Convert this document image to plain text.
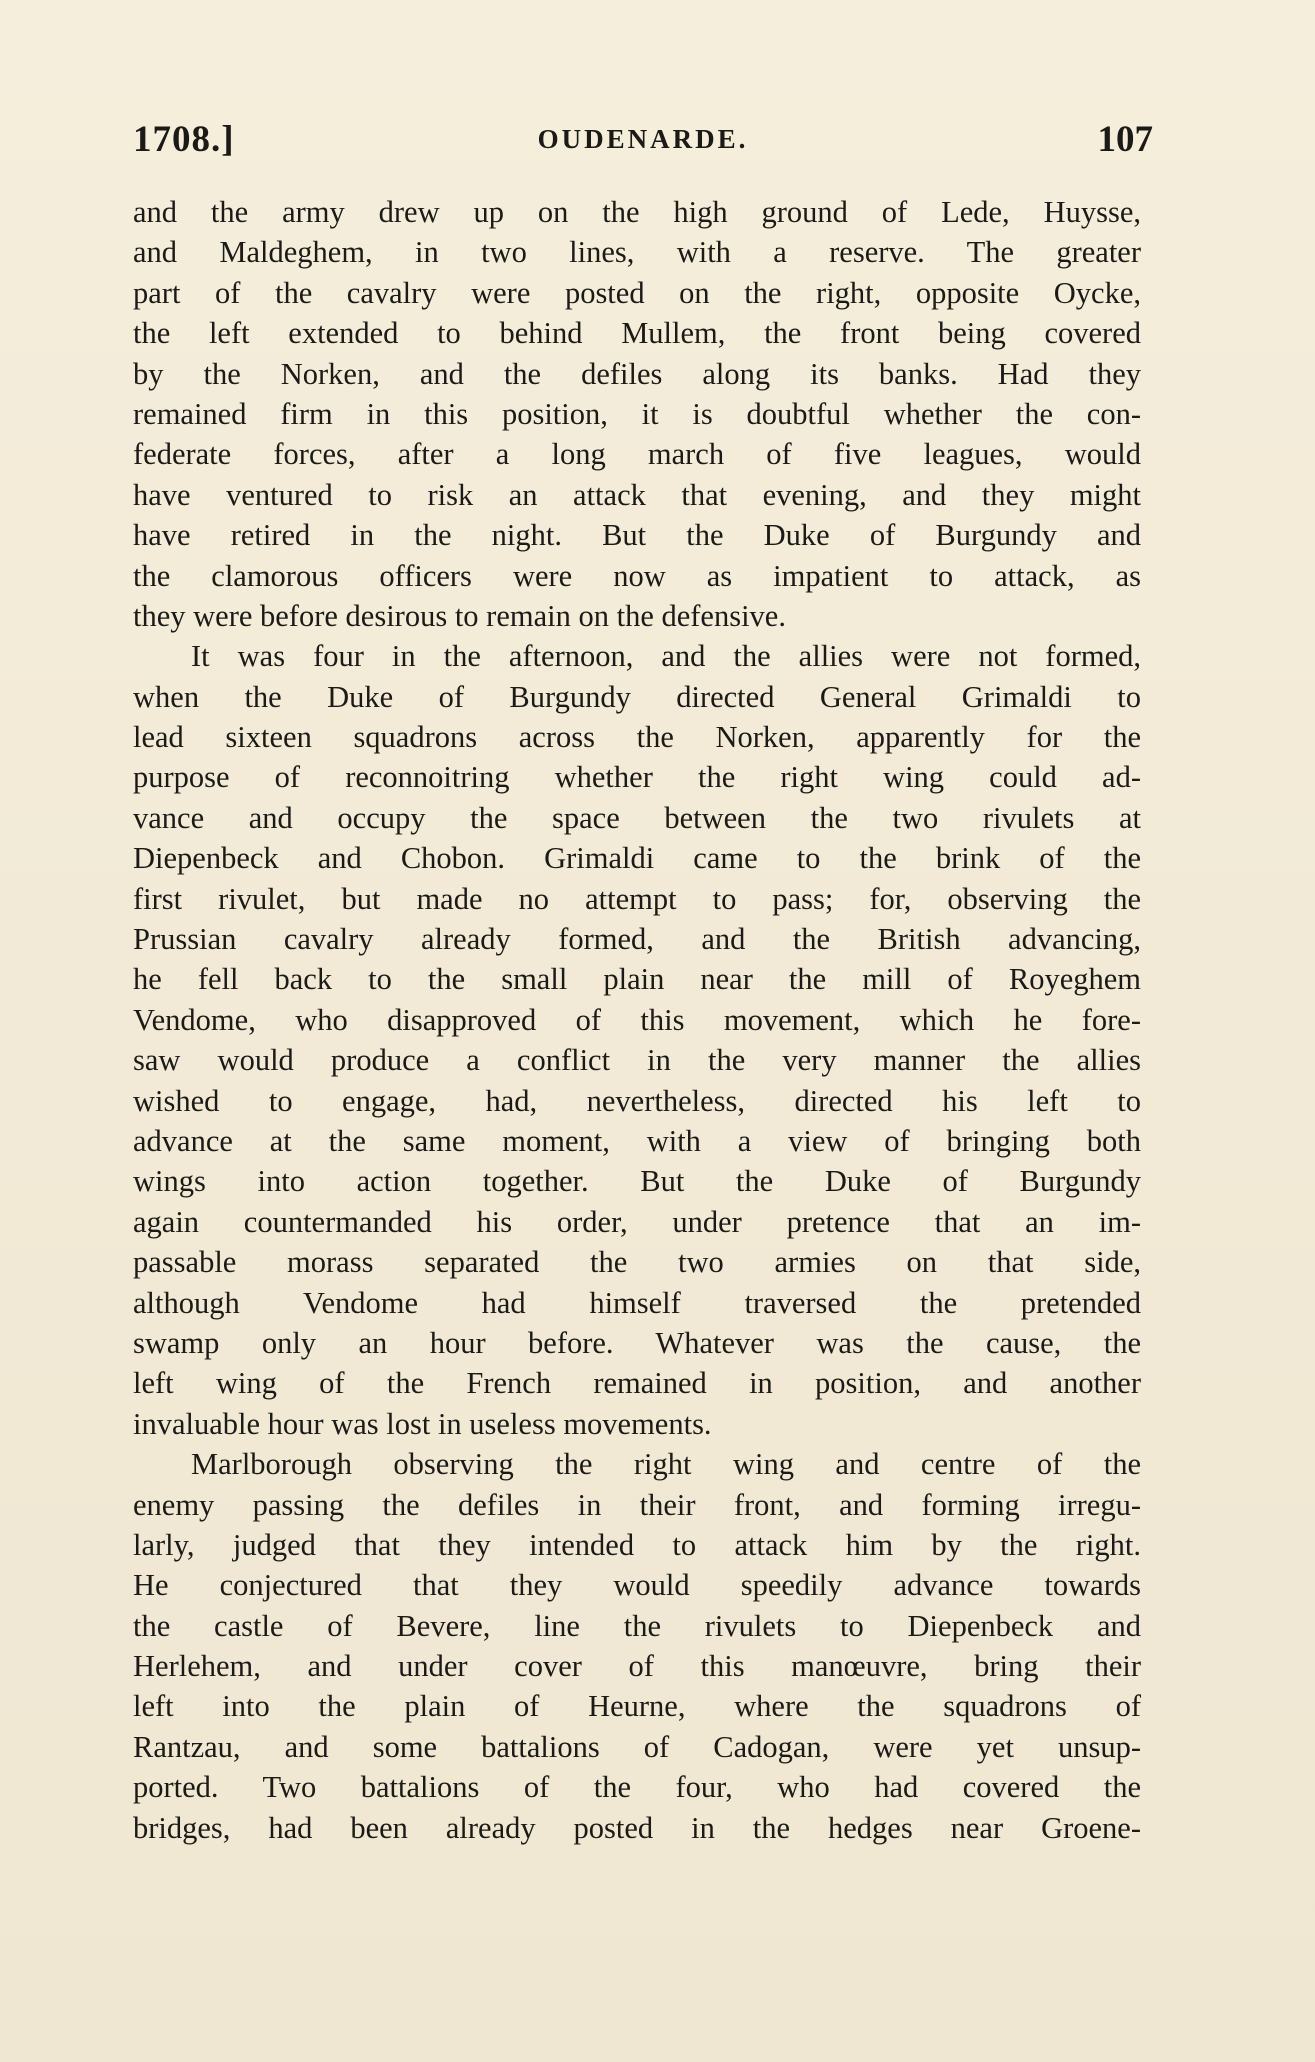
1708.]	OUDENARDE.	107
and the army drew up on the high ground of Lede, Huysse,
and Maldeghem, in two lines, with a reserve. The greater
part of the cavalry were posted on the right, opposite Oycke,
the left extended to behind Mullem, the front being covered
by the Norken, and the defiles along its banks. Had they
remained firm in this position, it is doubtful whether the con-
federate forces, after a long march of five leagues, would
have ventured to risk an attack that evening, and they might
have retired in the night. But the Duke of Burgundy and
the clamorous officers were now as impatient to attack, as
they were before desirous to remain on the defensive.
It was four in the afternoon, and the allies were not formed,
when the Duke of Burgundy directed General Grimaldi to
lead sixteen squadrons across the Norken, apparently for the
purpose of reconnoitring whether the right wing could ad-
vance and occupy the space between the two rivulets at
Diepenbeck and Chobon. Grimaldi came to the brink of the
first rivulet, but made no attempt to pass; for, observing the
Prussian cavalry already formed, and the British advancing,
he fell back to the small plain near the mill of Royeghem
Vendome, who disapproved of this movement, which he fore-
saw would produce a conflict in the very manner the allies
wished to engage, had, nevertheless, directed his left to
advance at the same moment, with a view of bringing both
wings into action together. But the Duke of Burgundy
again countermanded his order, under pretence that an im-
passable morass separated the two armies on that side,
although Vendome had himself traversed the pretended
swamp only an hour before. Whatever was the cause, the
left wing of the French remained in position, and another
invaluable hour was lost in useless movements.
Marlborough observing the right wing and centre of the
enemy passing the defiles in their front, and forming irregu-
larly, judged that they intended to attack him by the right.
He conjectured that they would speedily advance towards
the castle of Bevere, line the rivulets to Diepenbeck and
Herlehem, and under cover of this manœuvre, bring their
left into the plain of Heurne, where the squadrons of
Rantzau, and some battalions of Cadogan, were yet unsup-
ported. Two battalions of the four, who had covered the
bridges, had been already posted in the hedges near Groene-
